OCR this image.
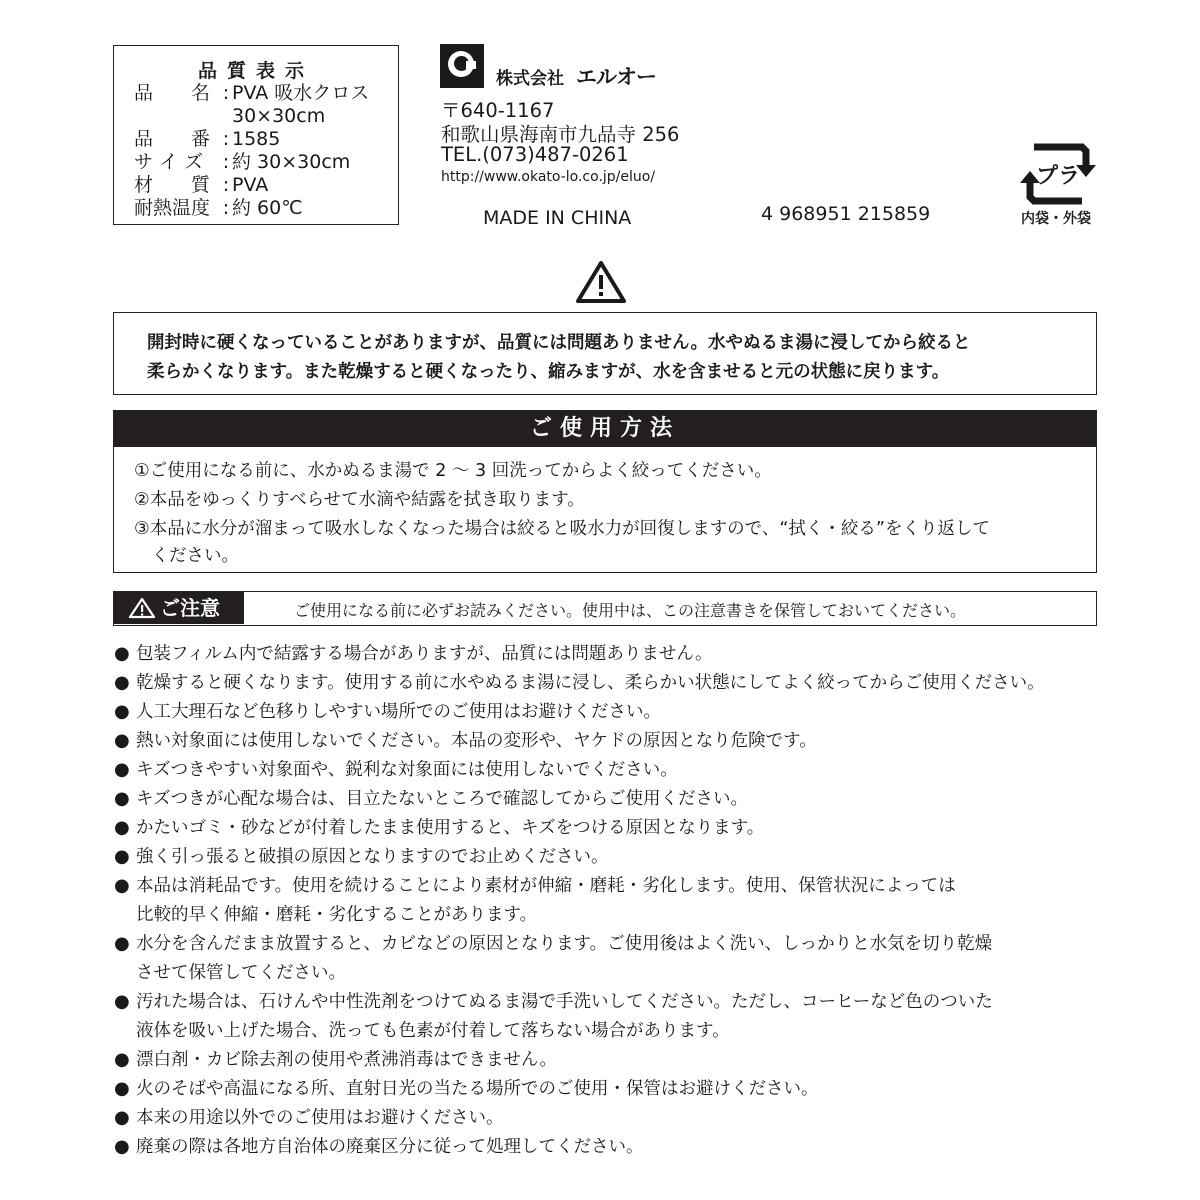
品質表示
品　　名 : PVA 吸水クロス
30×30cm
品　　番 : 1585
サ イ ズ : 約 30×30cm
材　　質 : PVA
耐熱温度 : 約 60℃
株式会社 エルオー
〒640-1167
和歌山県海南市九品寺 256
TEL.(073)487-0261
http://www.okato-lo.co.jp/eluo/
MADE IN CHINA	4 968951 215859
プラ
内袋・外袋
開封時に硬くなっていることがありますが、品質には問題ありません。水やぬるま湯に浸してから絞ると
柔らかくなります。また乾燥すると硬くなったり、縮みますが、水を含ませると元の状態に戻ります。
ご使用方法
①ご使用になる前に、水かぬるま湯で 2 ～ 3 回洗ってからよく絞ってください。
②本品をゆっくりすべらせて水滴や結露を拭き取ります。
③本品に水分が溜まって吸水しなくなった場合は絞ると吸水力が回復しますので、“拭く・絞る”をくり返して
　ください。
ご注意	ご使用になる前に必ずお読みください。使用中は、この注意書きを保管しておいてください。
● 包装フィルム内で結露する場合がありますが、品質には問題ありません。
● 乾燥すると硬くなります。使用する前に水やぬるま湯に浸し、柔らかい状態にしてよく絞ってからご使用ください。
● 人工大理石など色移りしやすい場所でのご使用はお避けください。
● 熱い対象面には使用しないでください。本品の変形や、ヤケドの原因となり危険です。
● キズつきやすい対象面や、鋭利な対象面には使用しないでください。
● キズつきが心配な場合は、目立たないところで確認してからご使用ください。
● かたいゴミ・砂などが付着したまま使用すると、キズをつける原因となります。
● 強く引っ張ると破損の原因となりますのでお止めください。
● 本品は消耗品です。使用を続けることにより素材が伸縮・磨耗・劣化します。使用、保管状況によっては
比較的早く伸縮・磨耗・劣化することがあります。
● 水分を含んだまま放置すると、カビなどの原因となります。ご使用後はよく洗い、しっかりと水気を切り乾燥
させて保管してください。
● 汚れた場合は、石けんや中性洗剤をつけてぬるま湯で手洗いしてください。ただし、コーヒーなど色のついた
液体を吸い上げた場合、洗っても色素が付着して落ちない場合があります。
● 漂白剤・カビ除去剤の使用や煮沸消毒はできません。
● 火のそばや高温になる所、直射日光の当たる場所でのご使用・保管はお避けください。
● 本来の用途以外でのご使用はお避けください。
● 廃棄の際は各地方自治体の廃棄区分に従って処理してください。
